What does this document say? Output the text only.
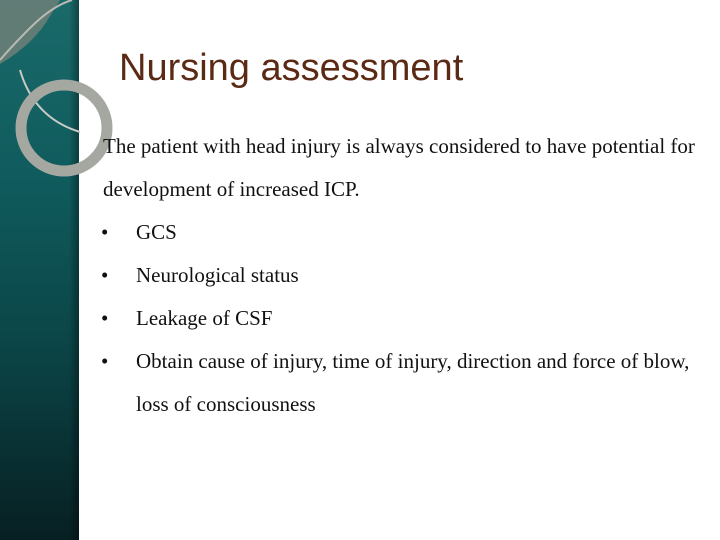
Nursing assessment

The patient with head injury is always considered to have potential for development of increased ICP.

•	GCS
•	Neurological status
•	Leakage of CSF
•	Obtain cause of injury, time of injury, direction and force of blow, loss of consciousness
